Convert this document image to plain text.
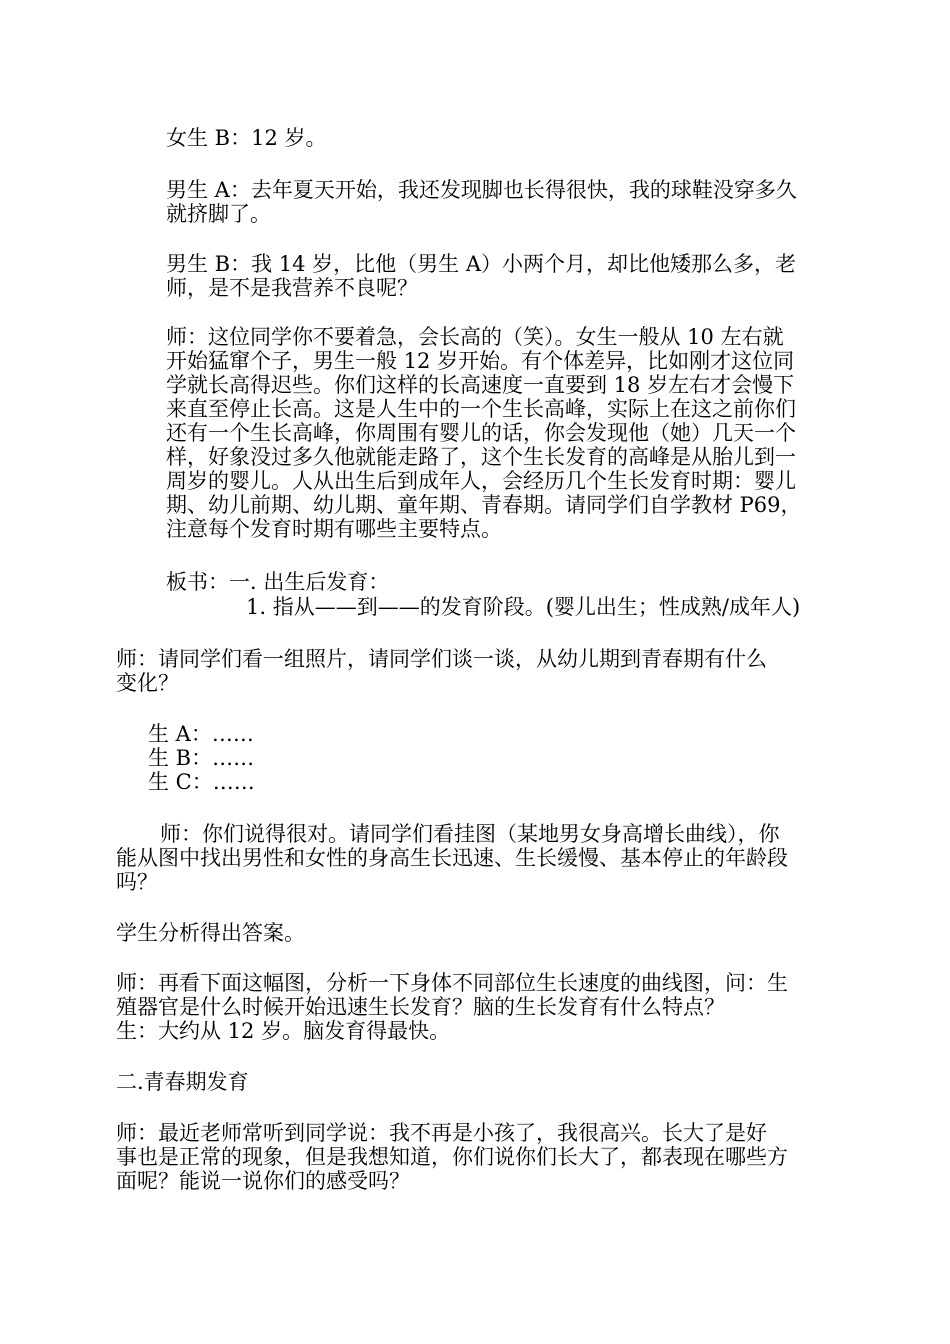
女生 B：12 岁。
男生 A：去年夏天开始，我还发现脚也长得很快，我的球鞋没穿多久
就挤脚了。
男生 B：我 14 岁，比他（男生 A）小两个月，却比他矮那么多，老
师，是不是我营养不良呢？
师：这位同学你不要着急，会长高的（笑）。女生一般从 10 左右就
开始猛窜个子，男生一般 12 岁开始。有个体差异，比如刚才这位同
学就长高得迟些。你们这样的长高速度一直要到 18 岁左右才会慢下
来直至停止长高。这是人生中的一个生长高峰，实际上在这之前你们
还有一个生长高峰，你周围有婴儿的话，你会发现他（她）几天一个
样，好象没过多久他就能走路了，这个生长发育的高峰是从胎儿到一
周岁的婴儿。人从出生后到成年人，会经历几个生长发育时期：婴儿
期、幼儿前期、幼儿期、童年期、青春期。请同学们自学教材 P69，
注意每个发育时期有哪些主要特点。
板书：一. 出生后发育：
1. 指从——到——的发育阶段。(婴儿出生；性成熟/成年人)
师：请同学们看一组照片，请同学们谈一谈，从幼儿期到青春期有什么
变化？
生 A：……
生 B：……
生 C：……
师：你们说得很对。请同学们看挂图（某地男女身高增长曲线），你
能从图中找出男性和女性的身高生长迅速、生长缓慢、基本停止的年龄段
吗？
学生分析得出答案。
师：再看下面这幅图，分析一下身体不同部位生长速度的曲线图，问：生
殖器官是什么时候开始迅速生长发育？脑的生长发育有什么特点？
生：大约从 12 岁。脑发育得最快。
二.青春期发育
师：最近老师常听到同学说：我不再是小孩了，我很高兴。长大了是好
事也是正常的现象，但是我想知道，你们说你们长大了，都表现在哪些方
面呢？能说一说你们的感受吗？
